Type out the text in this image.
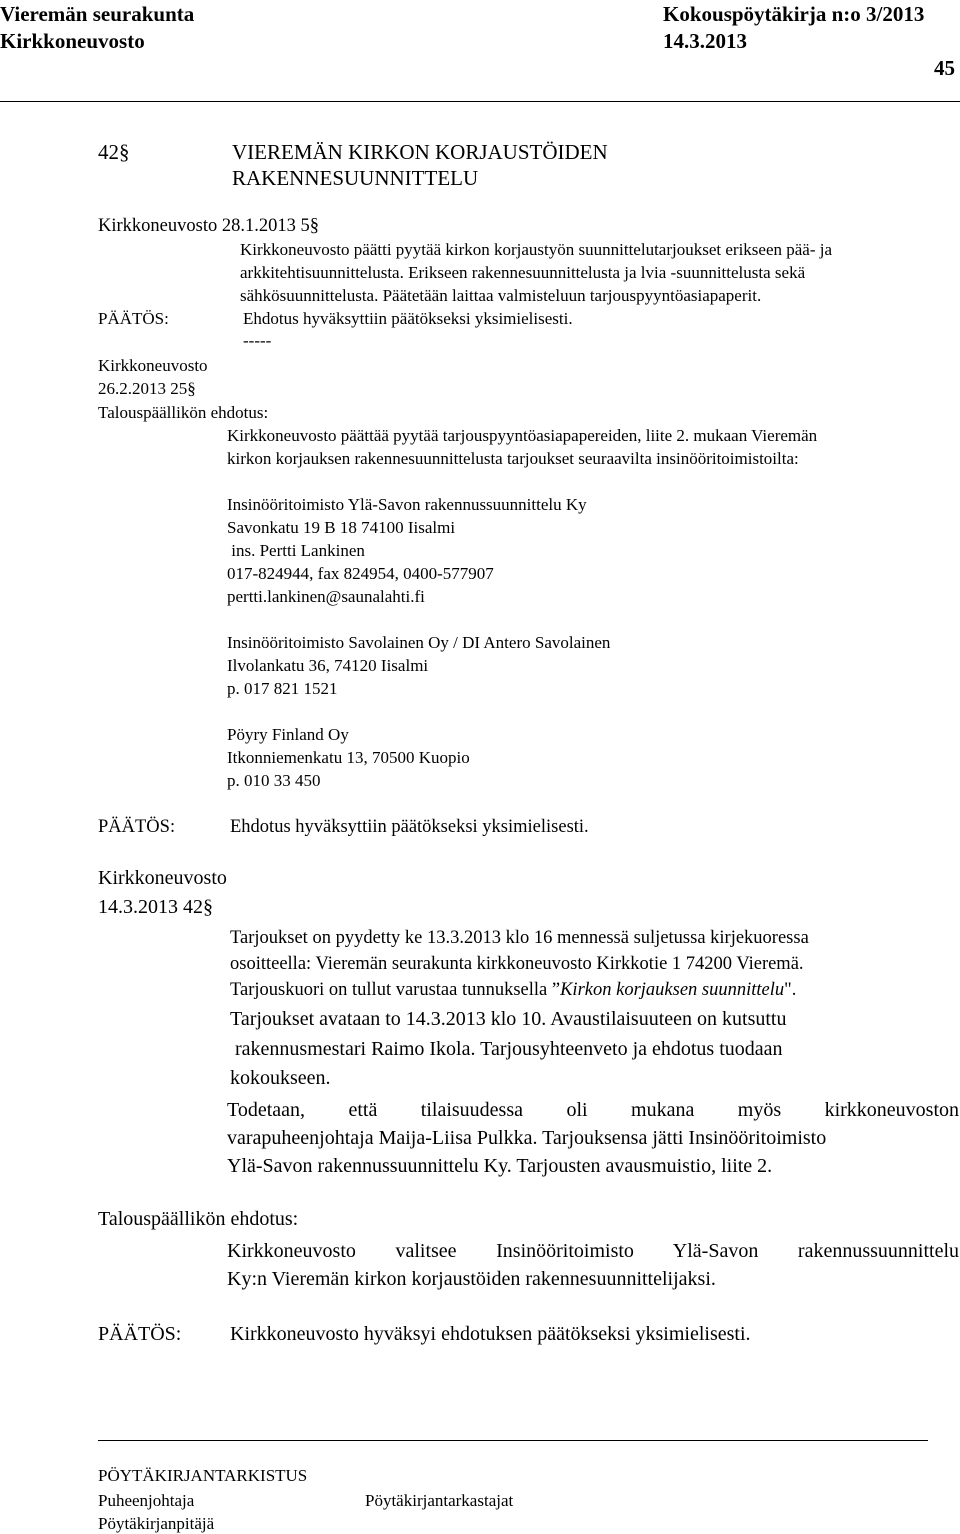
Vieremän seurakunta	Kokouspöytäkirja n:o 3/2013
Kirkkoneuvosto	14.3.2013
45
42§	VIEREMÄN KIRKON KORJAUSTÖIDEN
RAKENNESUUNNITTELU
Kirkkoneuvosto 28.1.2013 5§
Kirkkoneuvosto päätti pyytää kirkon korjaustyön suunnittelutarjoukset erikseen pää- ja
arkkitehtisuunnittelusta. Erikseen rakennesuunnittelusta ja lvia -suunnittelusta sekä
sähkösuunnittelusta. Päätetään laittaa valmisteluun tarjouspyyntöasiapaperit.
PÄÄTÖS:	Ehdotus hyväksyttiin päätökseksi yksimielisesti.
-----
Kirkkoneuvosto
26.2.2013 25§
Talouspäällikön ehdotus:
Kirkkoneuvosto päättää pyytää tarjouspyyntöasiapapereiden, liite 2. mukaan Vieremän
kirkon korjauksen rakennesuunnittelusta tarjoukset seuraavilta insinööritoimistoilta:
Insinööritoimisto Ylä-Savon rakennussuunnittelu Ky
Savonkatu 19 B 18 74100 Iisalmi
ins. Pertti Lankinen
017-824944, fax 824954, 0400-577907
pertti.lankinen@saunalahti.fi
Insinööritoimisto Savolainen Oy / DI Antero Savolainen
Ilvolankatu 36, 74120 Iisalmi
p. 017 821 1521
Pöyry Finland Oy
Itkonniemenkatu 13, 70500 Kuopio
p. 010 33 450
PÄÄTÖS:	Ehdotus hyväksyttiin päätökseksi yksimielisesti.
Kirkkoneuvosto
14.3.2013 42§
Tarjoukset on pyydetty ke 13.3.2013 klo 16 mennessä suljetussa kirjekuoressa
osoitteella: Vieremän seurakunta kirkkoneuvosto Kirkkotie 1 74200 Vieremä.
Tarjouskuori on tullut varustaa tunnuksella ”Kirkon korjauksen suunnittelu".
Tarjoukset avataan to 14.3.2013 klo 10. Avaustilaisuuteen on kutsuttu
rakennusmestari Raimo Ikola. Tarjousyhteenveto ja ehdotus tuodaan
kokoukseen.
Todetaan, että tilaisuudessa oli mukana myös kirkkoneuvoston
varapuheenjohtaja Maija-Liisa Pulkka. Tarjouksensa jätti Insinööritoimisto
Ylä-Savon rakennussuunnittelu Ky. Tarjousten avausmuistio, liite 2.
Talouspäällikön ehdotus:
Kirkkoneuvosto valitsee Insinööritoimisto Ylä-Savon rakennussuunnittelu
Ky:n Vieremän kirkon korjaustöiden rakennesuunnittelijaksi.
PÄÄTÖS: Kirkkoneuvosto hyväksyi ehdotuksen päätökseksi yksimielisesti.
PÖYTÄKIRJANTARKISTUS
Puheenjohtaja	Pöytäkirjantarkastajat
Pöytäkirjanpitäjä
